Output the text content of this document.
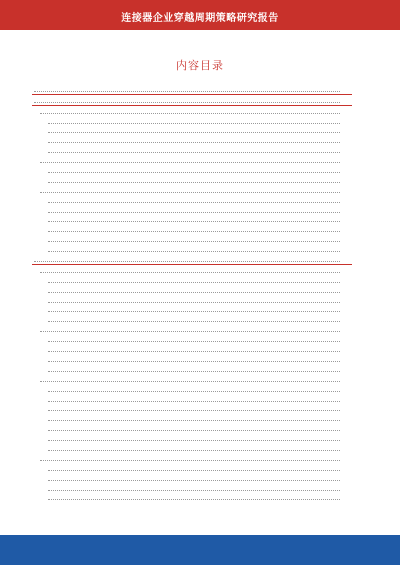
连接器企业穿越周期策略研究报告
内容目录
